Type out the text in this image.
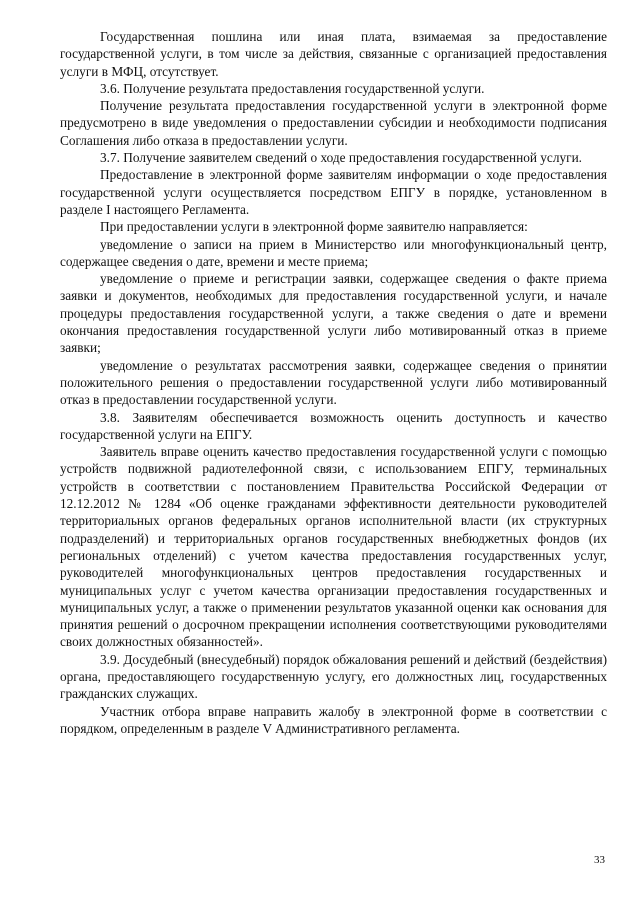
Государственная пошлина или иная плата, взимаемая за предоставление государственной услуги, в том числе за действия, связанные с организацией предоставления услуги в МФЦ, отсутствует.

3.6. Получение результата предоставления государственной услуги.

Получение результата предоставления государственной услуги в электронной форме предусмотрено в виде уведомления о предоставлении субсидии и необходимости подписания Соглашения либо отказа в предоставлении услуги.

3.7. Получение заявителем сведений о ходе предоставления государственной услуги.

Предоставление в электронной форме заявителям информации о ходе предоставления государственной услуги осуществляется посредством ЕПГУ в порядке, установленном в разделе I настоящего Регламента.

При предоставлении услуги в электронной форме заявителю направляется:

уведомление о записи на прием в Министерство или многофункциональный центр, содержащее сведения о дате, времени и месте приема;

уведомление о приеме и регистрации заявки, содержащее сведения о факте приема заявки и документов, необходимых для предоставления государственной услуги, и начале процедуры предоставления государственной услуги, а также сведения о дате и времени окончания предоставления государственной услуги либо мотивированный отказ в приеме заявки;

уведомление о результатах рассмотрения заявки, содержащее сведения о принятии положительного решения о предоставлении государственной услуги либо мотивированный отказ в предоставлении государственной услуги.

3.8. Заявителям обеспечивается возможность оценить доступность и качество государственной услуги на ЕПГУ.

Заявитель вправе оценить качество предоставления государственной услуги с помощью устройств подвижной радиотелефонной связи, с использованием ЕПГУ, терминальных устройств в соответствии с постановлением Правительства Российской Федерации от 12.12.2012 № 1284 «Об оценке гражданами эффективности деятельности руководителей территориальных органов федеральных органов исполнительной власти (их структурных подразделений) и территориальных органов государственных внебюджетных фондов (их региональных отделений) с учетом качества предоставления государственных услуг, руководителей многофункциональных центров предоставления государственных и муниципальных услуг с учетом качества организации предоставления государственных и муниципальных услуг, а также о применении результатов указанной оценки как основания для принятия решений о досрочном прекращении исполнения соответствующими руководителями своих должностных обязанностей».

3.9. Досудебный (внесудебный) порядок обжалования решений и действий (бездействия) органа, предоставляющего государственную услугу, его должностных лиц, государственных гражданских служащих.

Участник отбора вправе направить жалобу в электронной форме в соответствии с порядком, определенным в разделе V Административного регламента.

33
